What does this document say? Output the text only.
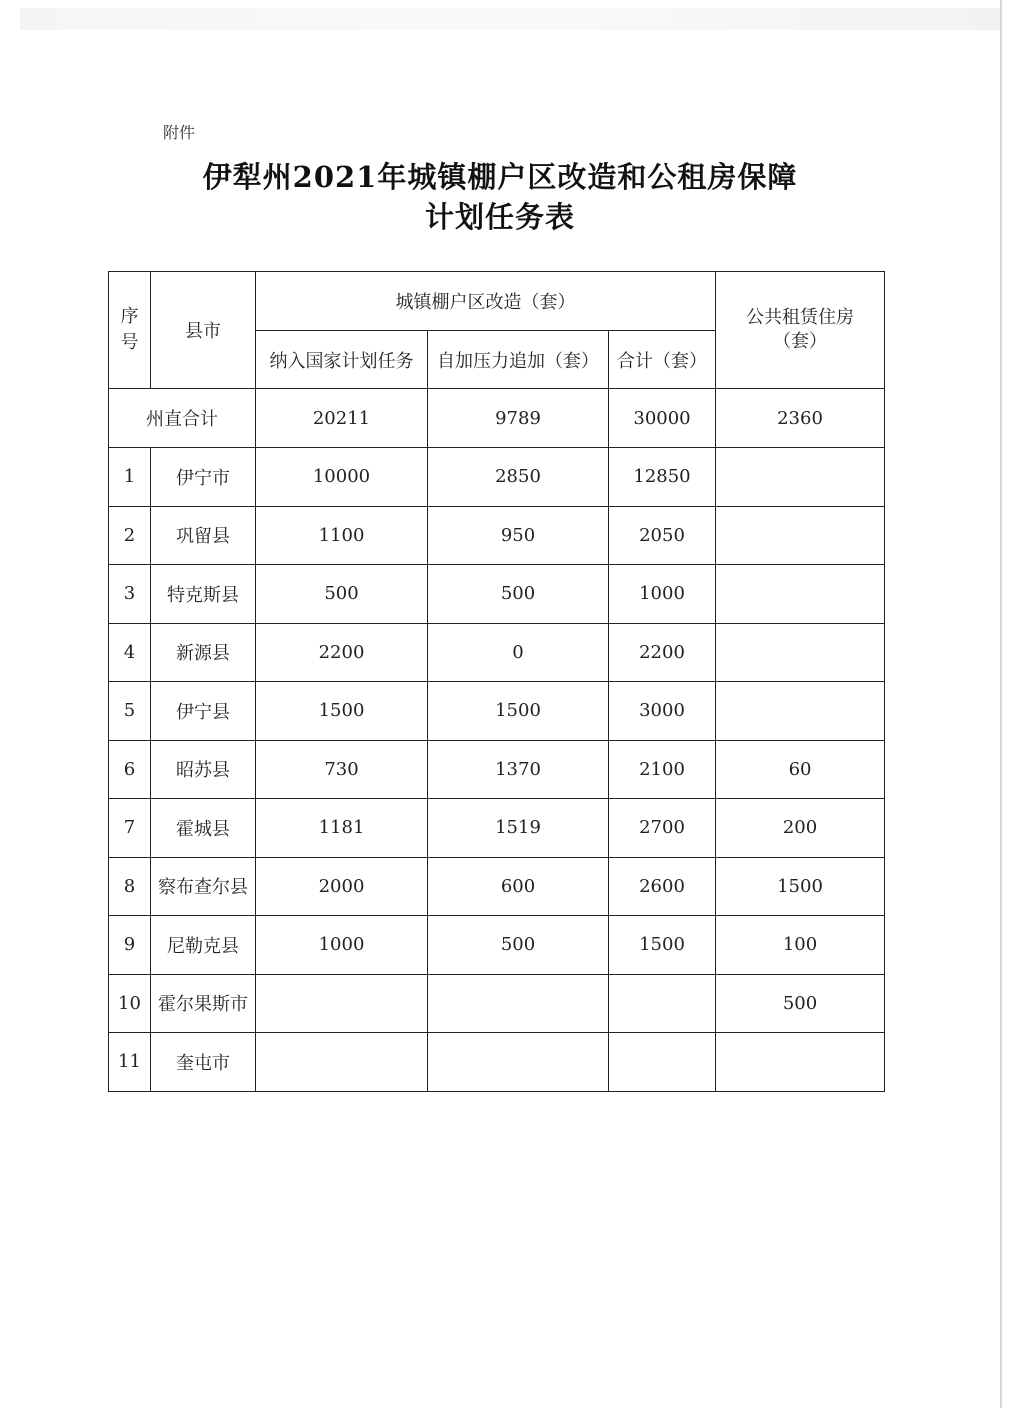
附件
伊犁州2021年城镇棚户区改造和公租房保障
计划任务表
序号	县市	城镇棚户区改造（套）			公共租赁住房（套）

		纳入国家计划任务	自加压力追加（套）	合计（套）	
州直合计		20211	9789	30000	2360
1	伊宁市	10000	2850	12850	
2	巩留县	1100	950	2050	
3	特克斯县	500	500	1000	
4	新源县	2200	0	2200	
5	伊宁县	1500	1500	3000	
6	昭苏县	730	1370	2100	60
7	霍城县	1181	1519	2700	200
8	察布查尔县	2000	600	2600	1500
9	尼勒克县	1000	500	1500	100
10	霍尔果斯市				500
11	奎屯市				
